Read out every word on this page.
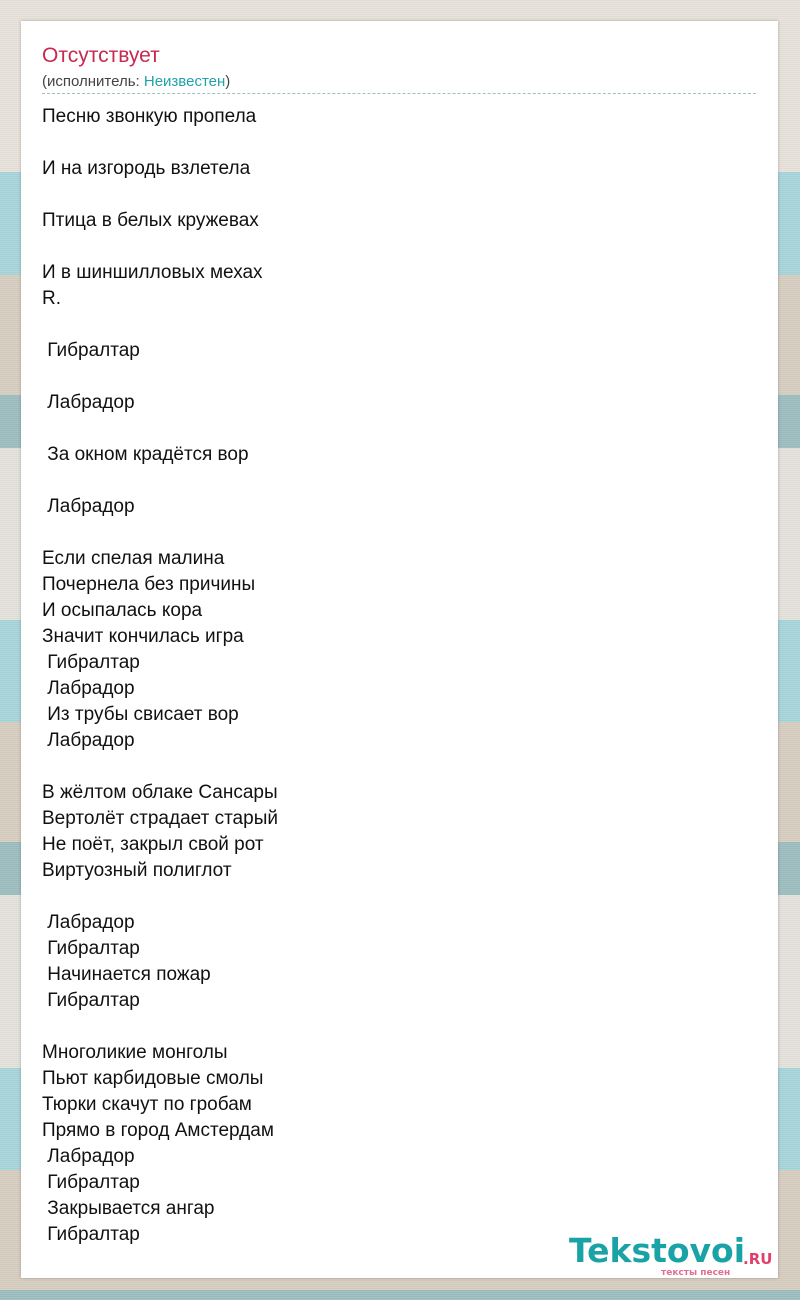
Отсутствует
(исполнитель: Неизвестен)
Песню звонкую пропела

И на изгородь взлетела

Птица в белых кружевах

И в шиншилловых мехах
R.

Гибралтар

Лабрадор

За окном крадётся вор

Лабрадор

Если спелая малина
Почернела без причины
И осыпалась кора
Значит кончилась игра
Гибралтар
Лабрадор
Из трубы свисает вор
Лабрадор

В жёлтом облаке Сансары
Вертолёт страдает старый
Не поёт, закрыл свой рот
Виртуозный полиглот

Лабрадор
Гибралтар
Начинается пожар
Гибралтар

Многоликие монголы
Пьют карбидовые смолы
Тюрки скачут по гробам
Прямо в город Амстердам
Лабрадор
Гибралтар
Закрывается ангар
Гибралтар	Tekstovoi
.RU
тексты песен
